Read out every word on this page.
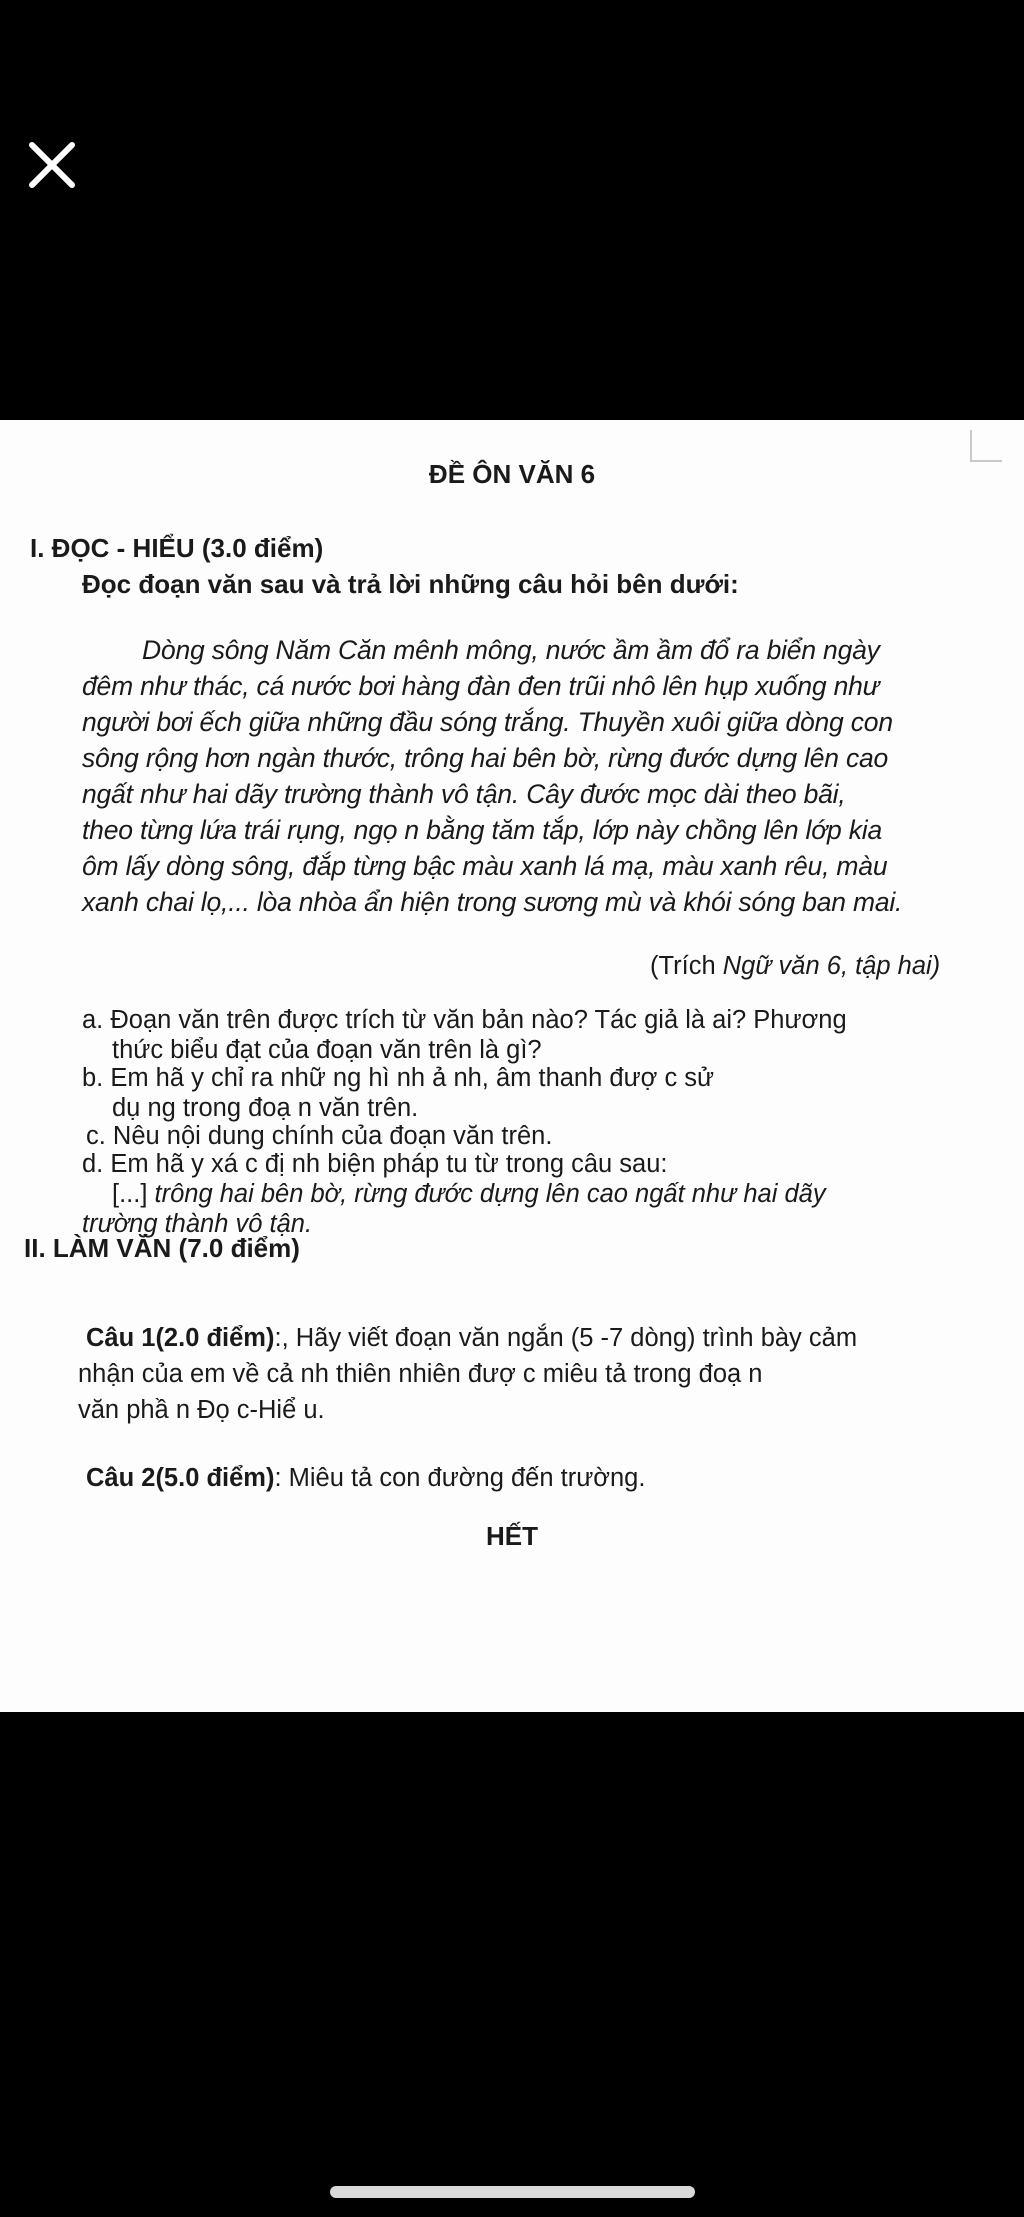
ĐỀ ÔN VĂN 6
I. ĐỌC - HIỂU (3.0 điểm)
Đọc đoạn văn sau và trả lời những câu hỏi bên dưới:
Dòng sông Năm Căn mênh mông, nước ầm ầm đổ ra biển ngày
đêm như thác, cá nước bơi hàng đàn đen trũi nhô lên hụp xuống như
người bơi ếch giữa những đầu sóng trắng. Thuyền xuôi giữa dòng con
sông rộng hơn ngàn thước, trông hai bên bờ, rừng đước dựng lên cao
ngất như hai dãy trường thành vô tận. Cây đước mọc dài theo bãi,
theo từng lứa trái rụng, ngọ n bằng tăm tắp, lớp này chồng lên lớp kia
ôm lấy dòng sông, đắp từng bậc màu xanh lá mạ, màu xanh rêu, màu
xanh chai lọ,... lòa nhòa ẩn hiện trong sương mù và khói sóng ban mai.
(Trích Ngữ văn 6, tập hai)
a. Đoạn văn trên được trích từ văn bản nào? Tác giả là ai? Phương
thức biểu đạt của đoạn văn trên là gì?
b. Em hã y chỉ ra nhữ ng hì nh ả nh, âm thanh đượ c sử
dụ ng trong đoạ n văn trên.
c. Nêu nội dung chính của đoạn văn trên.
d. Em hã y xá c đị nh biện pháp tu từ trong câu sau:
[...] trông hai bên bờ, rừng đước dựng lên cao ngất như hai dãy
trường thành vô tận.
II. LÀM VĂN (7.0 điểm)
Câu 1(2.0 điểm):, Hãy viết đoạn văn ngắn (5 -7 dòng) trình bày cảm
nhận của em về cả nh thiên nhiên đượ c miêu tả trong đoạ n
văn phầ n Đọ c-Hiể u.
Câu 2(5.0 điểm): Miêu tả con đường đến trường.
HẾT
